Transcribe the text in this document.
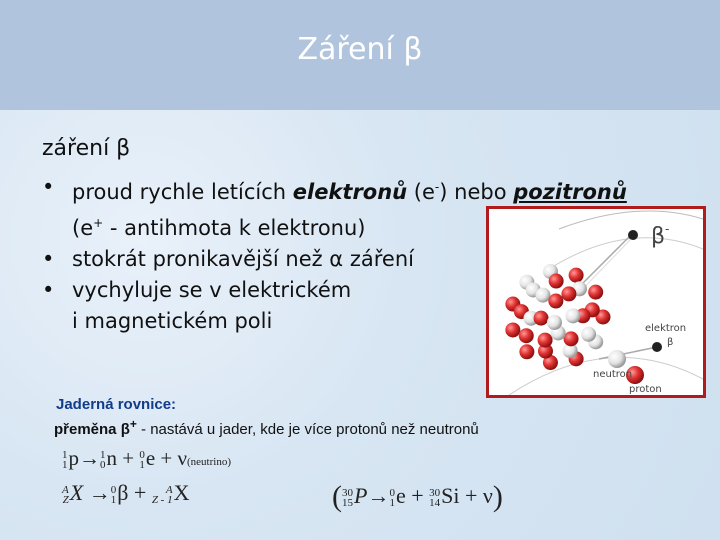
Záření β
záření β
• proud rychle letících elektronů (e-) nebo pozitronů
(e+ - antihmota k elektronu)
• stokrát pronikavější než α záření
• vychyluje se v elektrickém
i magnetickém poli
β-
elektron
β
neutron
proton
Jaderná rovnice:
přeměna β+ - nastává u jader, kde je více protonů než neutronů
1
1 p→ 1
0 n + 0
1 e + ν(neutrino)
A
Z X → 0
1 β +	A
Z - 1 X	( 30
15 P→ 0
1 e + 30
14 Si + ν)
